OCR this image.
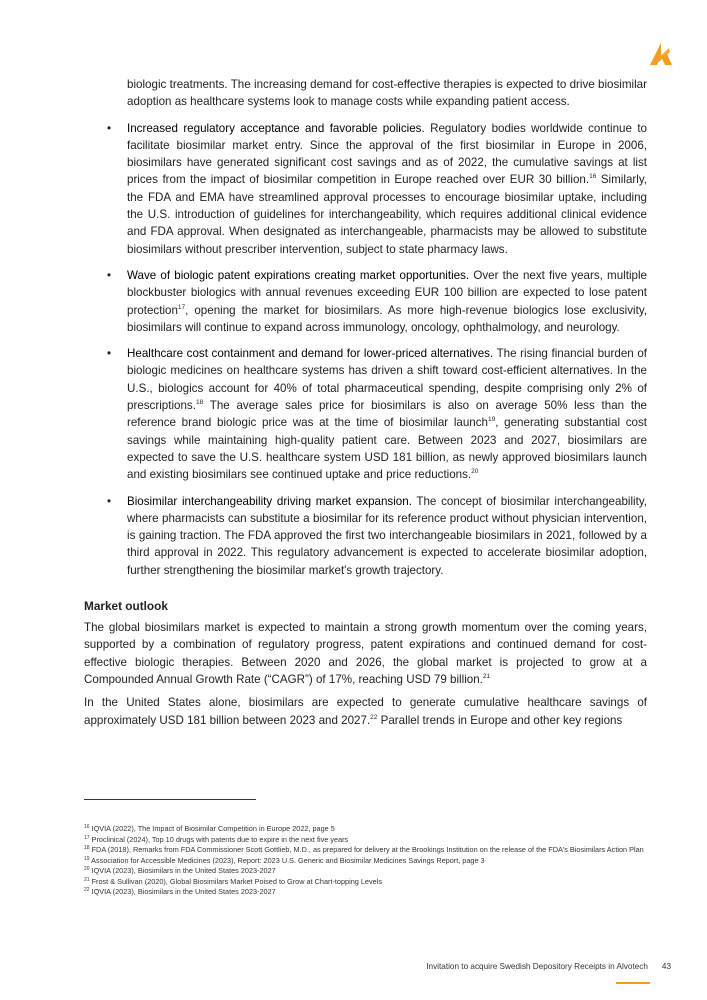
biologic treatments. The increasing demand for cost-effective therapies is expected to drive biosimilar adoption as healthcare systems look to manage costs while expanding patient access.

• Increased regulatory acceptance and favorable policies. Regulatory bodies worldwide continue to facilitate biosimilar market entry. Since the approval of the first biosimilar in Europe in 2006, biosimilars have generated significant cost savings and as of 2022, the cumulative savings at list prices from the impact of biosimilar competition in Europe reached over EUR 30 billion.$^{16}$ Similarly, the FDA and EMA have streamlined approval processes to encourage biosimilar uptake, including the U.S. introduction of guidelines for interchangeability, which requires additional clinical evidence and FDA approval. When designated as interchangeable, pharmacists may be allowed to substitute biosimilars without prescriber intervention, subject to state pharmacy laws.
• Wave of biologic patent expirations creating market opportunities. Over the next five years, multiple blockbuster biologics with annual revenues exceeding EUR 100 billion are expected to lose patent protection$^{17}$, opening the market for biosimilars. As more high-revenue biologics lose exclusivity, biosimilars will continue to expand across immunology, oncology, ophthalmology, and neurology.
• Healthcare cost containment and demand for lower-priced alternatives. The rising financial burden of biologic medicines on healthcare systems has driven a shift toward cost-efficient alternatives. In the U.S., biologics account for 40% of total pharmaceutical spending, despite comprising only 2% of prescriptions.$^{18}$ The average sales price for biosimilars is also on average 50% less than the reference brand biologic price was at the time of biosimilar launch$^{19}$, generating substantial cost savings while maintaining high-quality patient care. Between 2023 and 2027, biosimilars are expected to save the U.S. healthcare system USD 181 billion, as newly approved biosimilars launch and existing biosimilars see continued uptake and price reductions.$^{20}$
• Biosimilar interchangeability driving market expansion. The concept of biosimilar interchangeability, where pharmacists can substitute a biosimilar for its reference product without physician intervention, is gaining traction. The FDA approved the first two interchangeable biosimilars in 2021, followed by a third approval in 2022. This regulatory advancement is expected to accelerate biosimilar adoption, further strengthening the biosimilar market's growth trajectory.
Market outlook

The global biosimilars market is expected to maintain a strong growth momentum over the coming years, supported by a combination of regulatory progress, patent expirations and continued demand for cost-effective biologic therapies. Between 2020 and 2026, the global market is projected to grow at a Compounded Annual Growth Rate (“CAGR”) of 17%, reaching USD 79 billion.$^{21}$

In the United States alone, biosimilars are expected to generate cumulative healthcare savings of approximately USD 181 billion between 2023 and 2027.22 Parallel trends in Europe and other key regions

$^{16}$ IQVIA (2022), The Impact of Biosimilar Competition in Europe 2022, page 5
$^{17}$ Proclinical (2024), Top 10 drugs with patents due to expire in the next five years
$^{18}$ FDA (2018), Remarks from FDA Commissioner Scott Gottlieb, M.D., as prepared for delivery at the Brookings Institution on the release of the FDA's Biosimilars Action Plan
$^{19}$ Association for Accessible Medicines (2023), Report: 2023 U.S. Generic and Biosimilar Medicines Savings Report, page 3
$^{20}$ IQVIA (2023), Biosimilars in the United States 2023-2027
$^{21}$ Frost & Sullivan (2020), Global Biosimilars Market Poised to Grow at Chart-topping Levels
$^{22}$ IQVIA (2023), Biosimilars in the United States 2023-2027
Invitation to acquire Swedish Depository Receipts in Alvotech 43
